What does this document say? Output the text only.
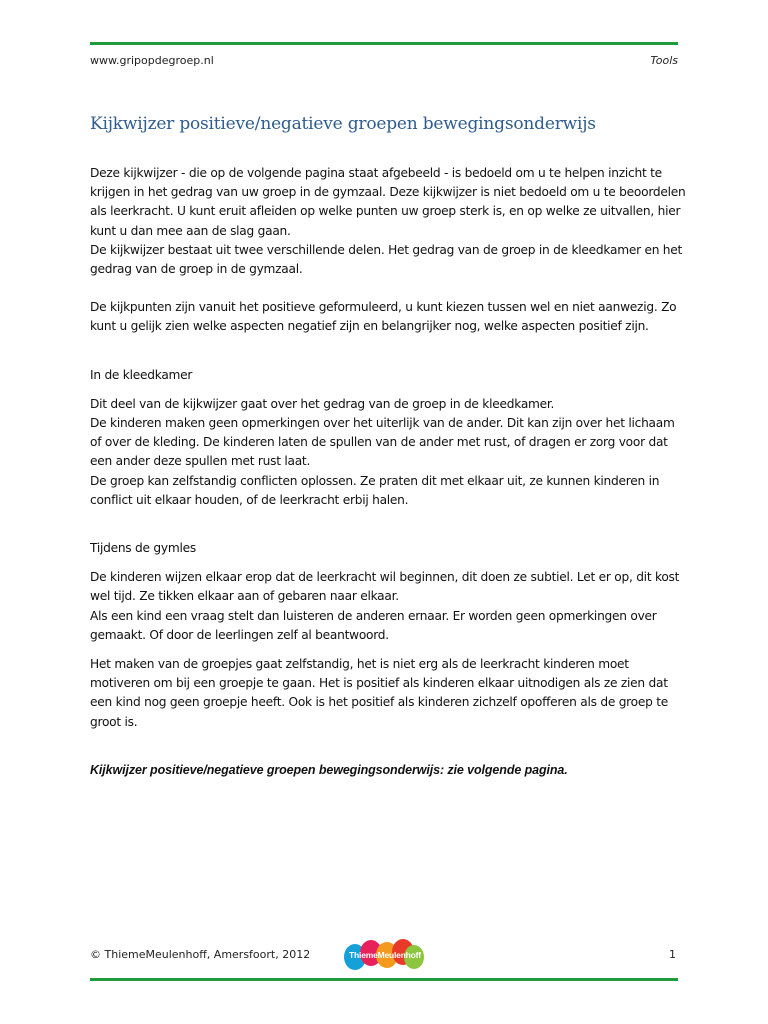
www.gripopdegroep.nl	Tools
Kijkwijzer positieve/negatieve groepen bewegingsonderwijs
Deze kijkwijzer - die op de volgende pagina staat afgebeeld - is bedoeld om u te helpen inzicht te
krijgen in het gedrag van uw groep in de gymzaal. Deze kijkwijzer is niet bedoeld om u te beoordelen
als leerkracht. U kunt eruit afleiden op welke punten uw groep sterk is, en op welke ze uitvallen, hier
kunt u dan mee aan de slag gaan.
De kijkwijzer bestaat uit twee verschillende delen. Het gedrag van de groep in de kleedkamer en het
gedrag van de groep in de gymzaal.
De kijkpunten zijn vanuit het positieve geformuleerd, u kunt kiezen tussen wel en niet aanwezig. Zo
kunt u gelijk zien welke aspecten negatief zijn en belangrijker nog, welke aspecten positief zijn.
In de kleedkamer
Dit deel van de kijkwijzer gaat over het gedrag van de groep in de kleedkamer.
De kinderen maken geen opmerkingen over het uiterlijk van de ander. Dit kan zijn over het lichaam
of over de kleding. De kinderen laten de spullen van de ander met rust, of dragen er zorg voor dat
een ander deze spullen met rust laat.
De groep kan zelfstandig conflicten oplossen. Ze praten dit met elkaar uit, ze kunnen kinderen in
conflict uit elkaar houden, of de leerkracht erbij halen.
Tijdens de gymles
De kinderen wijzen elkaar erop dat de leerkracht wil beginnen, dit doen ze subtiel. Let er op, dit kost
wel tijd. Ze tikken elkaar aan of gebaren naar elkaar.
Als een kind een vraag stelt dan luisteren de anderen ernaar. Er worden geen opmerkingen over
gemaakt. Of door de leerlingen zelf al beantwoord.
Het maken van de groepjes gaat zelfstandig, het is niet erg als de leerkracht kinderen moet
motiveren om bij een groepje te gaan. Het is positief als kinderen elkaar uitnodigen als ze zien dat
een kind nog geen groepje heeft. Ook is het positief als kinderen zichzelf opofferen als de groep te
groot is.
Kijkwijzer positieve/negatieve groepen bewegingsonderwijs: zie volgende pagina.
© ThiemeMeulenhoff, Amersfoort, 2012	1
ThiemeMeulenhoff
